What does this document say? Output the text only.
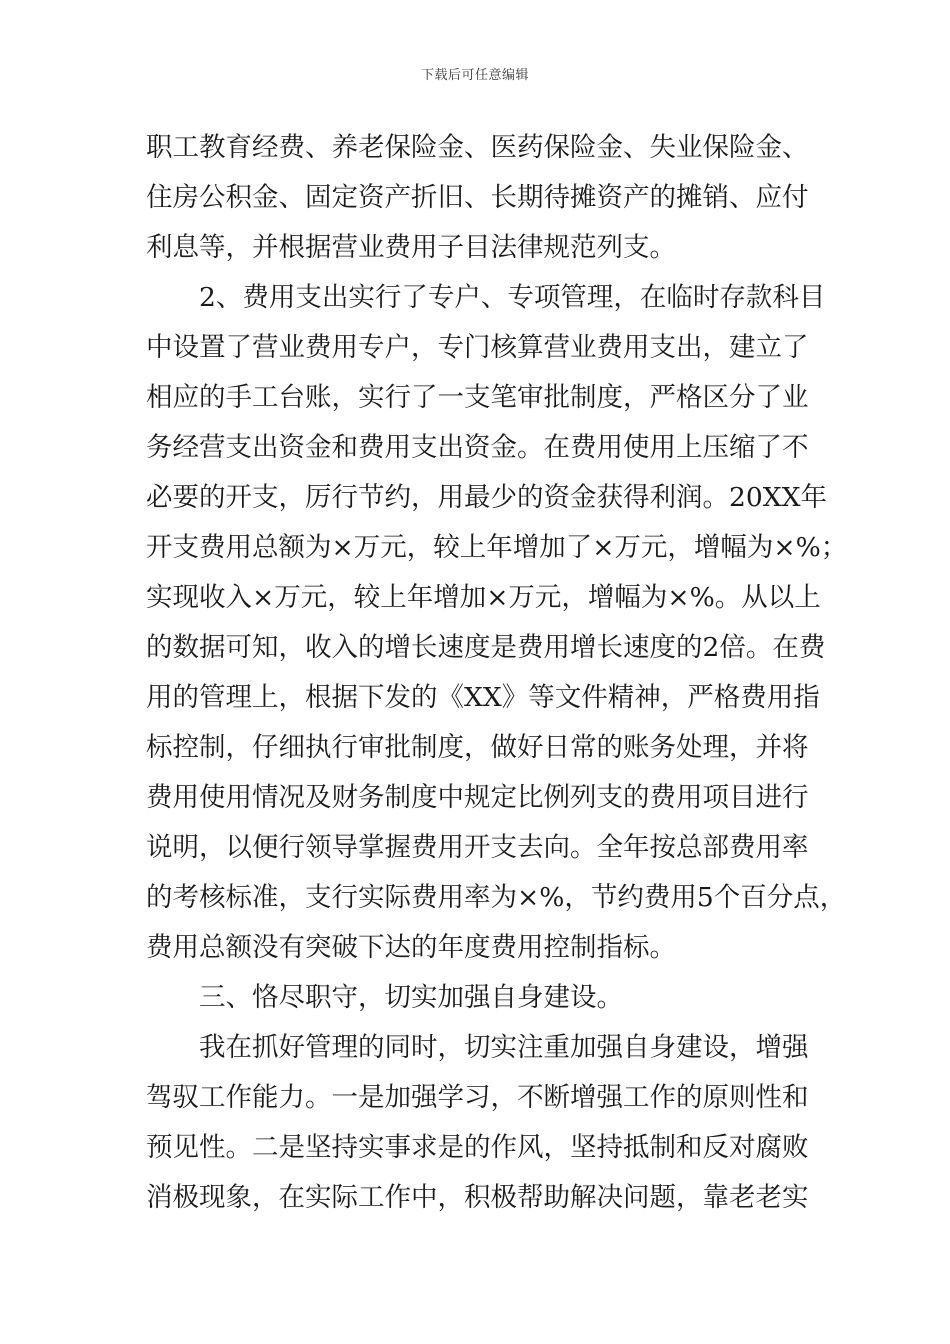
下载后可任意编辑
职工教育经费、养老保险金、医药保险金、失业保险金、
住房公积金、固定资产折旧、长期待摊资产的摊销、应付
利息等，并根据营业费用子目法律规范列支。
2、费用支出实行了专户、专项管理，在临时存款科目
中设置了营业费用专户，专门核算营业费用支出，建立了
相应的手工台账，实行了一支笔审批制度，严格区分了业
务经营支出资金和费用支出资金。在费用使用上压缩了不
必要的开支，厉行节约，用最少的资金获得利润。20XX年
开支费用总额为×万元，较上年增加了×万元，增幅为×%；
实现收入×万元，较上年增加×万元，增幅为×%。从以上
的数据可知，收入的增长速度是费用增长速度的2倍。在费
用的管理上，根据下发的《XX》等文件精神，严格费用指
标控制，仔细执行审批制度，做好日常的账务处理，并将
费用使用情况及财务制度中规定比例列支的费用项目进行
说明，以便行领导掌握费用开支去向。全年按总部费用率
的考核标准，支行实际费用率为×%，节约费用5个百分点，
费用总额没有突破下达的年度费用控制指标。
三、恪尽职守，切实加强自身建设。
我在抓好管理的同时，切实注重加强自身建设，增强
驾驭工作能力。一是加强学习，不断增强工作的原则性和
预见性。二是坚持实事求是的作风，坚持抵制和反对腐败
消极现象，在实际工作中，积极帮助解决问题，靠老老实
